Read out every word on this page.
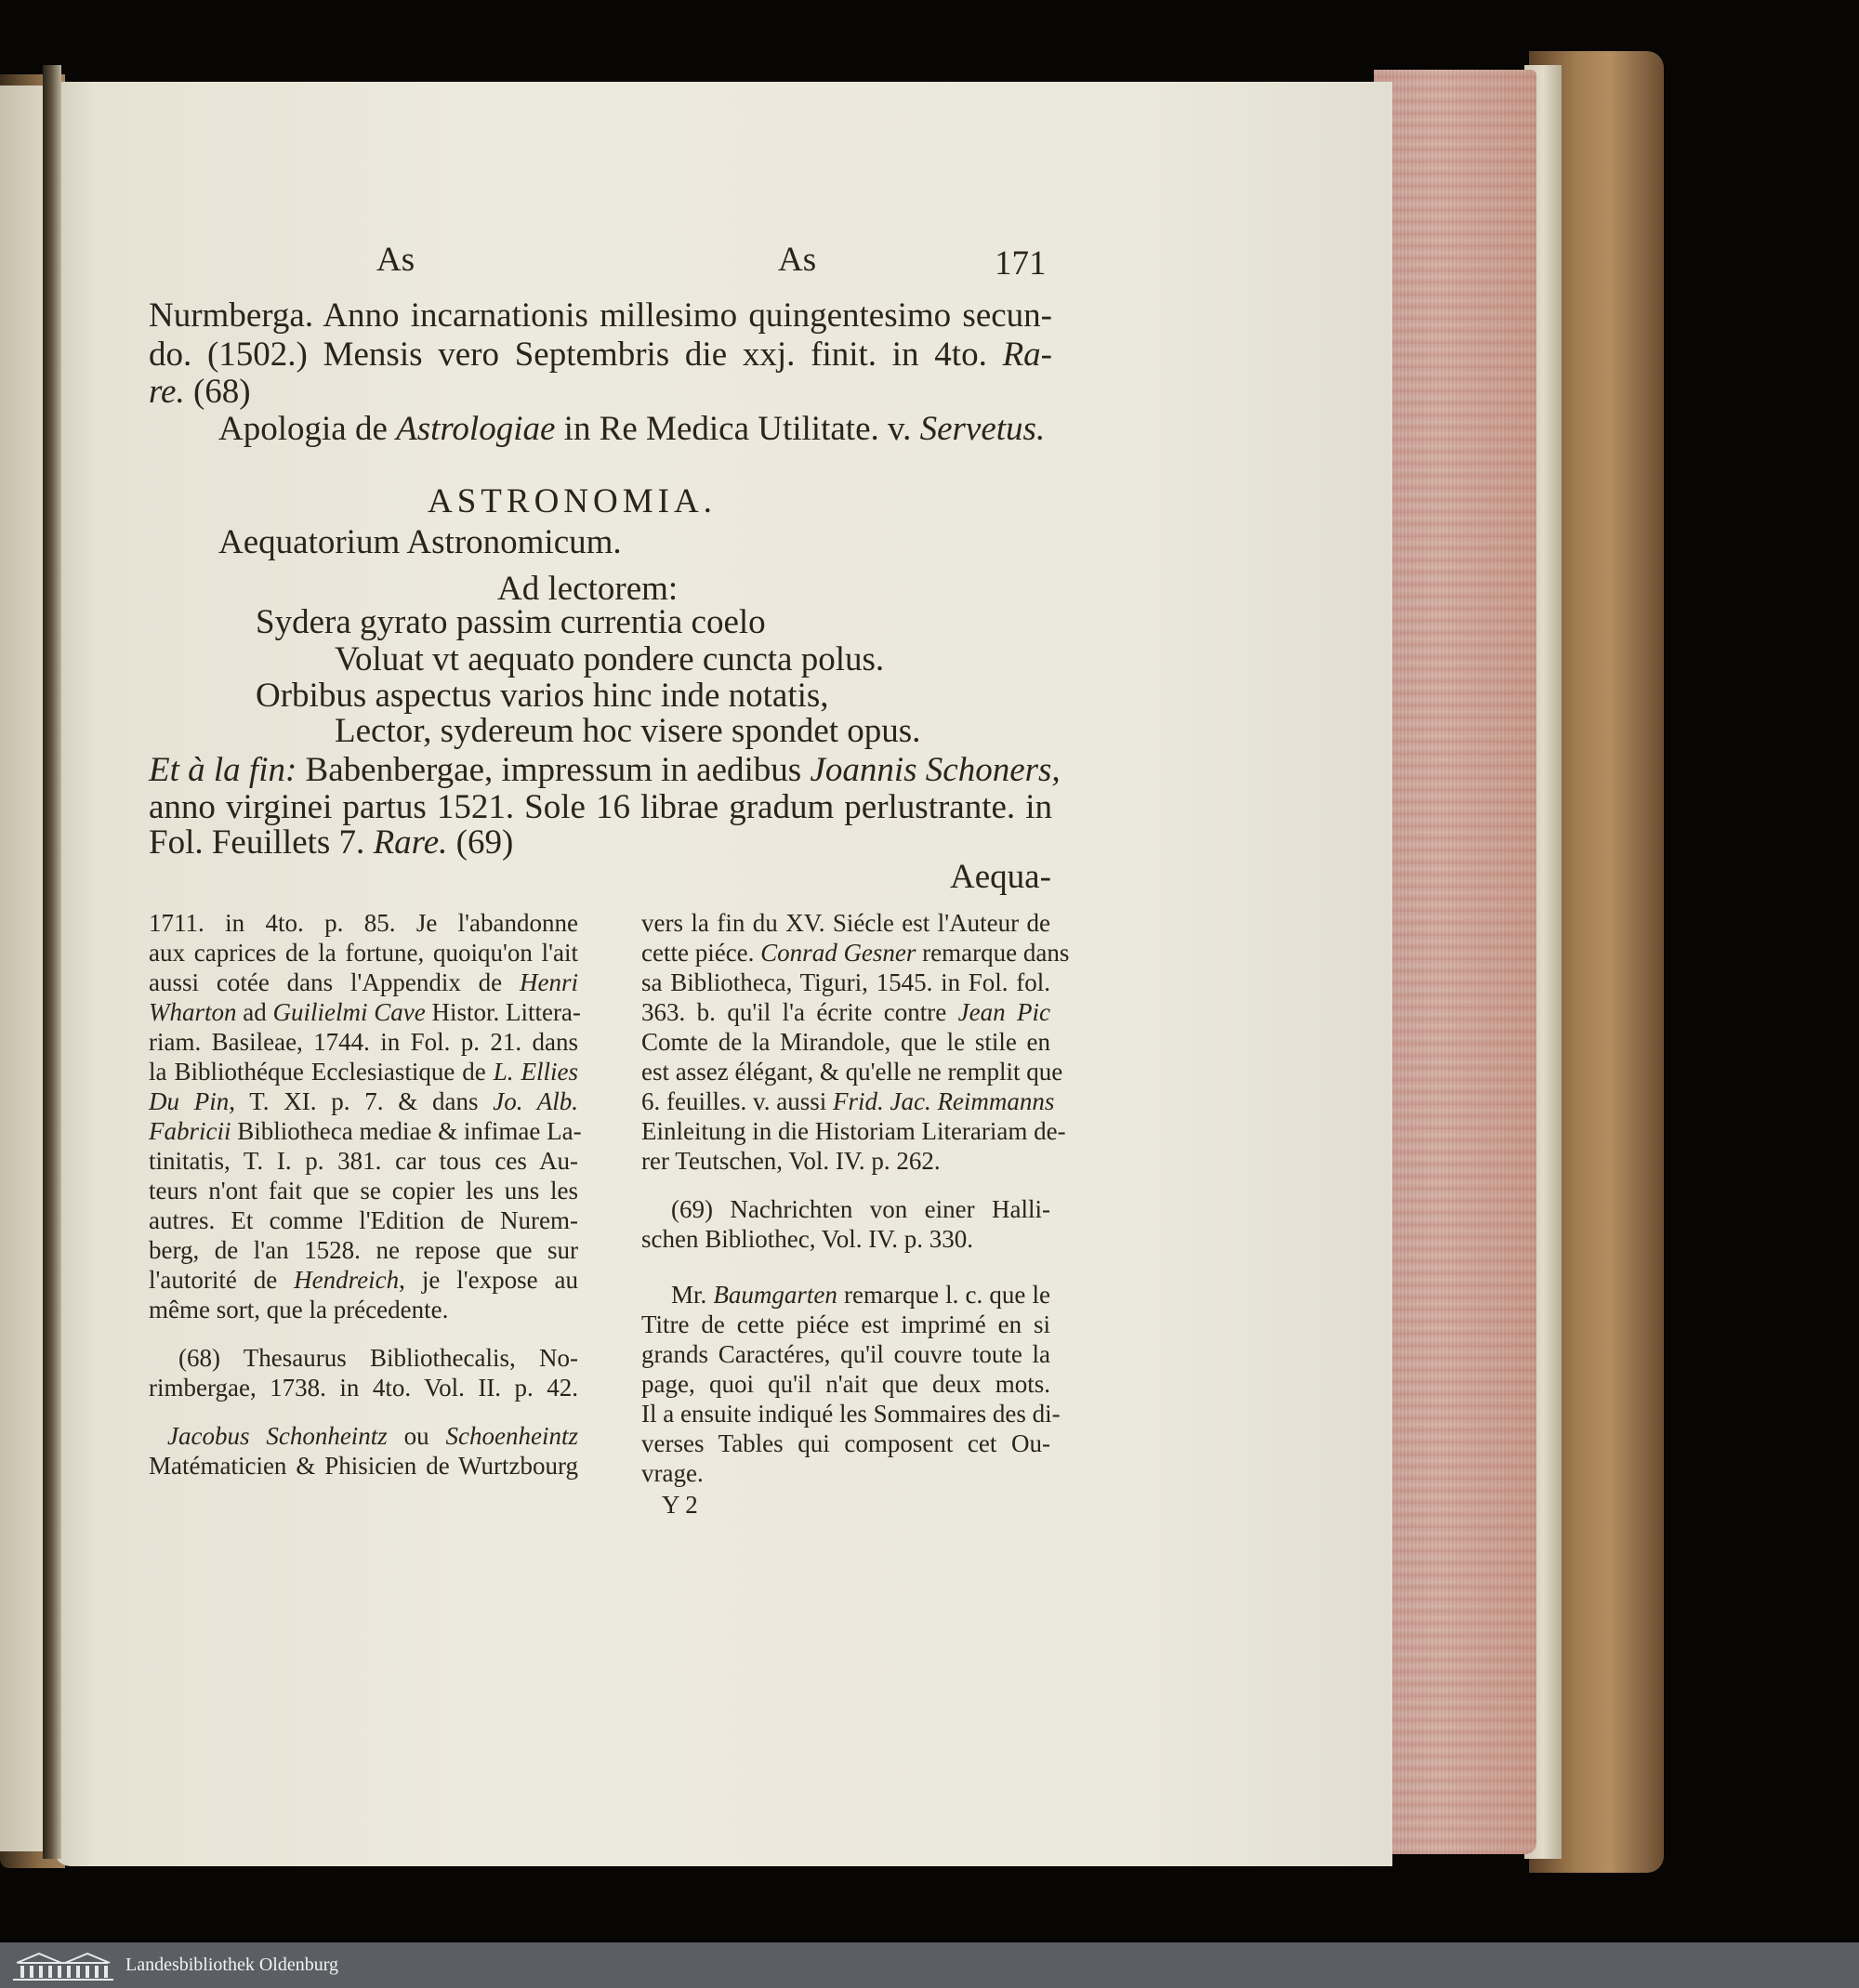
As	As	171
Nurmberga. Anno incarnationis millesimo quingentesimo secun-
do. (1502.) Mensis vero Septembris die xxj. finit. in 4to. Ra-
re. (68)
Apologia de Astrologiae in Re Medica Utilitate. v. Servetus.
ASTRONOMIA.
Aequatorium Astronomicum.
Ad lectorem:
Sydera gyrato passim currentia coelo
Voluat vt aequato pondere cuncta polus.
Orbibus aspectus varios hinc inde notatis,
Lector, sydereum hoc visere spondet opus.
Et à la fin: Babenbergae, impressum in aedibus Joannis Schoners,
anno virginei partus 1521. Sole 16 librae gradum perlustrante. in
Fol. Feuillets 7. Rare. (69)
Aequa-
1711. in 4to. p. 85. Je l'abandonne
aux caprices de la fortune, quoiqu'on l'ait
aussi cotée dans l'Appendix de Henri
Wharton ad Guilielmi Cave Histor. Littera-
riam. Basileae, 1744. in Fol. p. 21. dans
la Bibliothéque Ecclesiastique de L. Ellies
Du Pin, T. XI. p. 7. & dans Jo. Alb.
Fabricii Bibliotheca mediae & infimae La-
tinitatis, T. I. p. 381. car tous ces Au-
teurs n'ont fait que se copier les uns les
autres. Et comme l'Edition de Nurem-
berg, de l'an 1528. ne repose que sur
l'autorité de Hendreich, je l'expose au
même sort, que la précedente.
(68) Thesaurus Bibliothecalis, No-
rimbergae, 1738. in 4to. Vol. II. p. 42.
Jacobus Schonheintz ou Schoenheintz
Matématicien & Phisicien de Wurtzbourg
vers la fin du XV. Siécle est l'Auteur de
cette piéce. Conrad Gesner remarque dans
sa Bibliotheca, Tiguri, 1545. in Fol. fol.
363. b. qu'il l'a écrite contre Jean Pic
Comte de la Mirandole, que le stile en
est assez élégant, & qu'elle ne remplit que
6. feuilles. v. aussi Frid. Jac. Reimmanns
Einleitung in die Historiam Literariam de-
rer Teutschen, Vol. IV. p. 262.
(69) Nachrichten von einer Halli-
schen Bibliothec, Vol. IV. p. 330.
Mr. Baumgarten remarque l. c. que le
Titre de cette piéce est imprimé en si
grands Caractéres, qu'il couvre toute la
page, quoi qu'il n'ait que deux mots.
Il a ensuite indiqué les Sommaires des di-
verses Tables qui composent cet Ou-
vrage.
Y 2
Landesbibliothek Oldenburg
